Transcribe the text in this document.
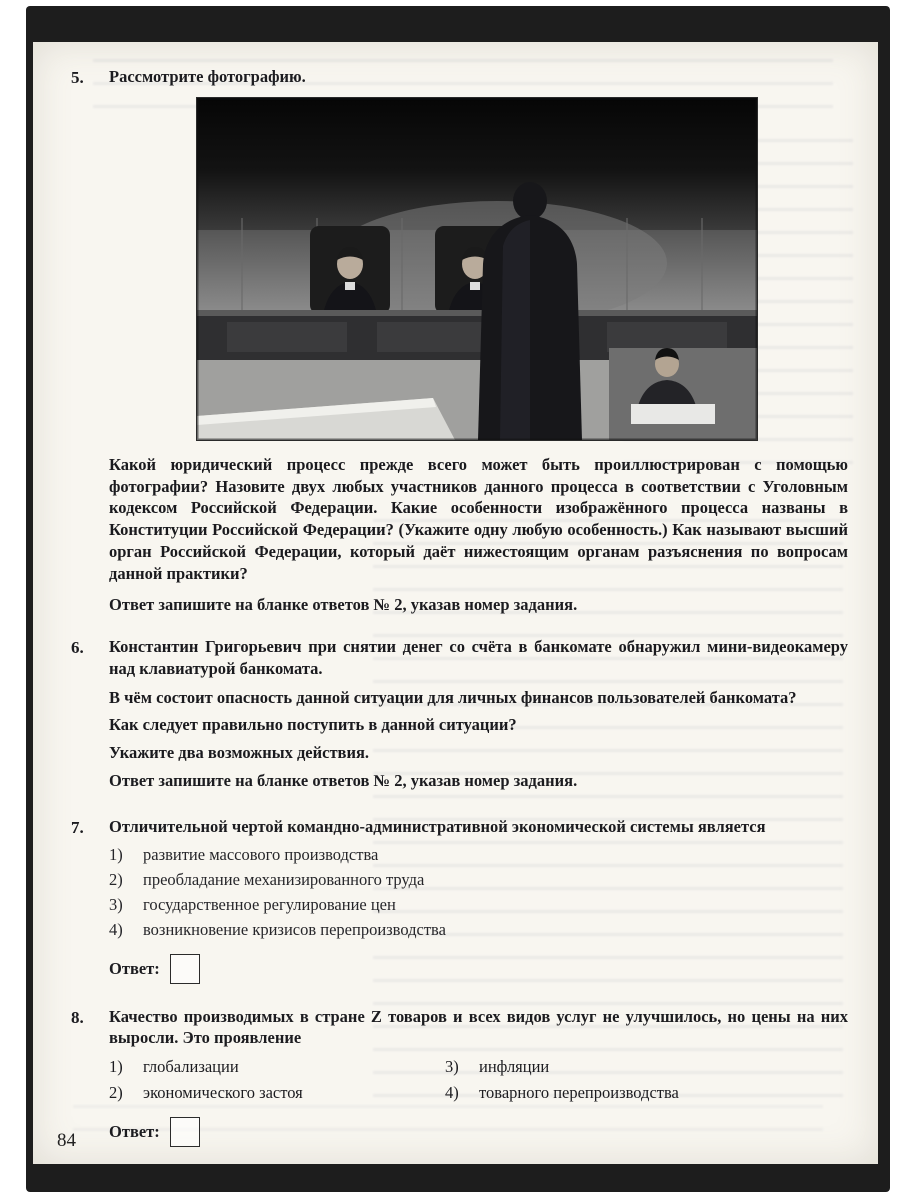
5.	Рассмотрите фотографию.

Какой юридический процесс прежде всего может быть проиллюстрирован с помощью фотографии? Назовите двух любых участников данного процесса в соответствии с Уголовным кодексом Российской Федерации. Какие особенности изображённого процесса названы в Конституции Российской Федерации? (Укажите одну любую особенность.) Как называют высший орган Российской Федерации, который даёт нижестоящим органам разъяснения по вопросам данной практики?

Ответ запишите на бланке ответов № 2, указав номер задания.
6.	Константин Григорьевич при снятии денег со счёта в банкомате обнаружил мини-видеокамеру над клавиатурой банкомата.

В чём состоит опасность данной ситуации для личных финансов пользователей банкомата?

Как следует правильно поступить в данной ситуации?

Укажите два возможных действия.

Ответ запишите на бланке ответов № 2, указав номер задания.
7.	Отличительной чертой командно-административной экономической системы является
1)	развитие массового производства
2)	преобладание механизированного труда
3)	государственное регулирование цен
4)	возникновение кризисов перепроизводства
Ответ:
8.	Качество производимых в стране Z товаров и всех видов услуг не улучшилось, но цены на них выросли. Это проявление
1)	глобализации	3)	инфляции
2)	экономического застоя	4)	товарного перепроизводства
Ответ:
84
